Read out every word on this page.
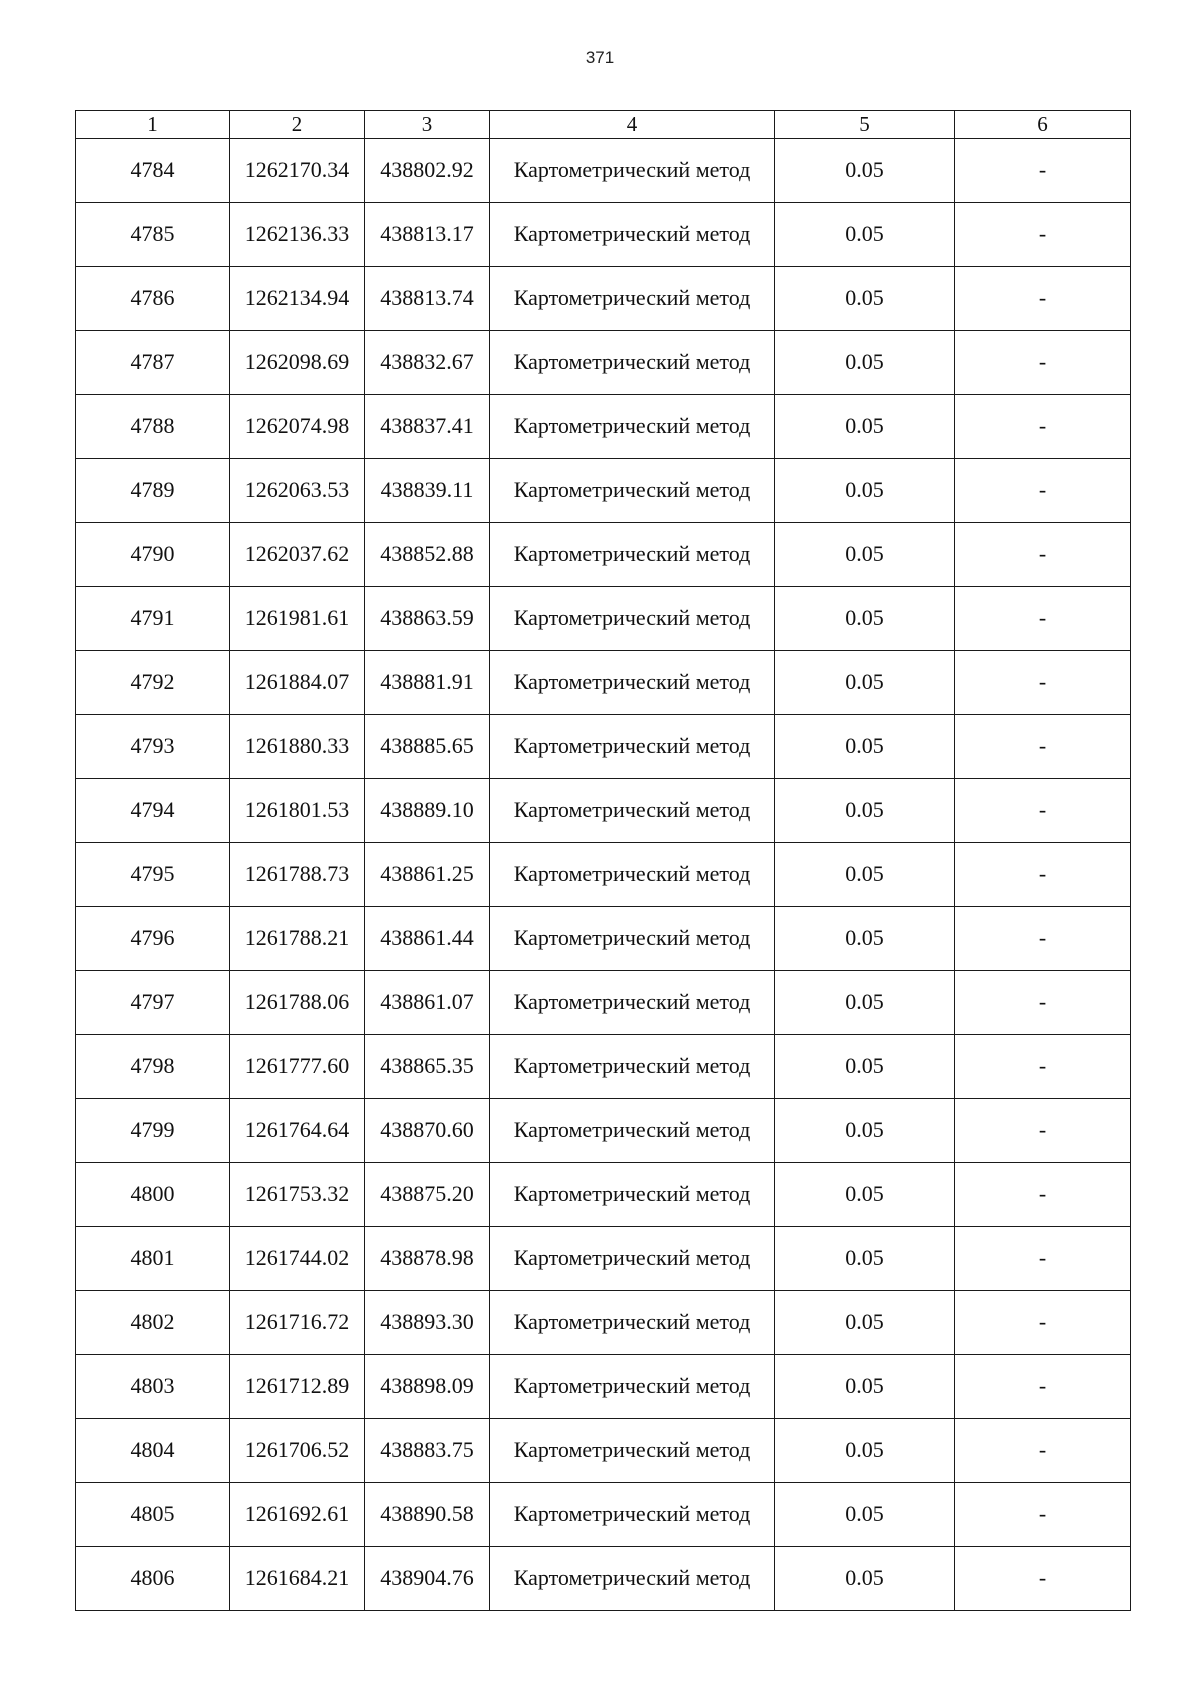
371
1	2	3	4	5	6
4784	1262170.34	438802.92	Картометрический метод	0.05	-
4785	1262136.33	438813.17	Картометрический метод	0.05	-
4786	1262134.94	438813.74	Картометрический метод	0.05	-
4787	1262098.69	438832.67	Картометрический метод	0.05	-
4788	1262074.98	438837.41	Картометрический метод	0.05	-
4789	1262063.53	438839.11	Картометрический метод	0.05	-
4790	1262037.62	438852.88	Картометрический метод	0.05	-
4791	1261981.61	438863.59	Картометрический метод	0.05	-
4792	1261884.07	438881.91	Картометрический метод	0.05	-
4793	1261880.33	438885.65	Картометрический метод	0.05	-
4794	1261801.53	438889.10	Картометрический метод	0.05	-
4795	1261788.73	438861.25	Картометрический метод	0.05	-
4796	1261788.21	438861.44	Картометрический метод	0.05	-
4797	1261788.06	438861.07	Картометрический метод	0.05	-
4798	1261777.60	438865.35	Картометрический метод	0.05	-
4799	1261764.64	438870.60	Картометрический метод	0.05	-
4800	1261753.32	438875.20	Картометрический метод	0.05	-
4801	1261744.02	438878.98	Картометрический метод	0.05	-
4802	1261716.72	438893.30	Картометрический метод	0.05	-
4803	1261712.89	438898.09	Картометрический метод	0.05	-
4804	1261706.52	438883.75	Картометрический метод	0.05	-
4805	1261692.61	438890.58	Картометрический метод	0.05	-
4806	1261684.21	438904.76	Картометрический метод	0.05	-
